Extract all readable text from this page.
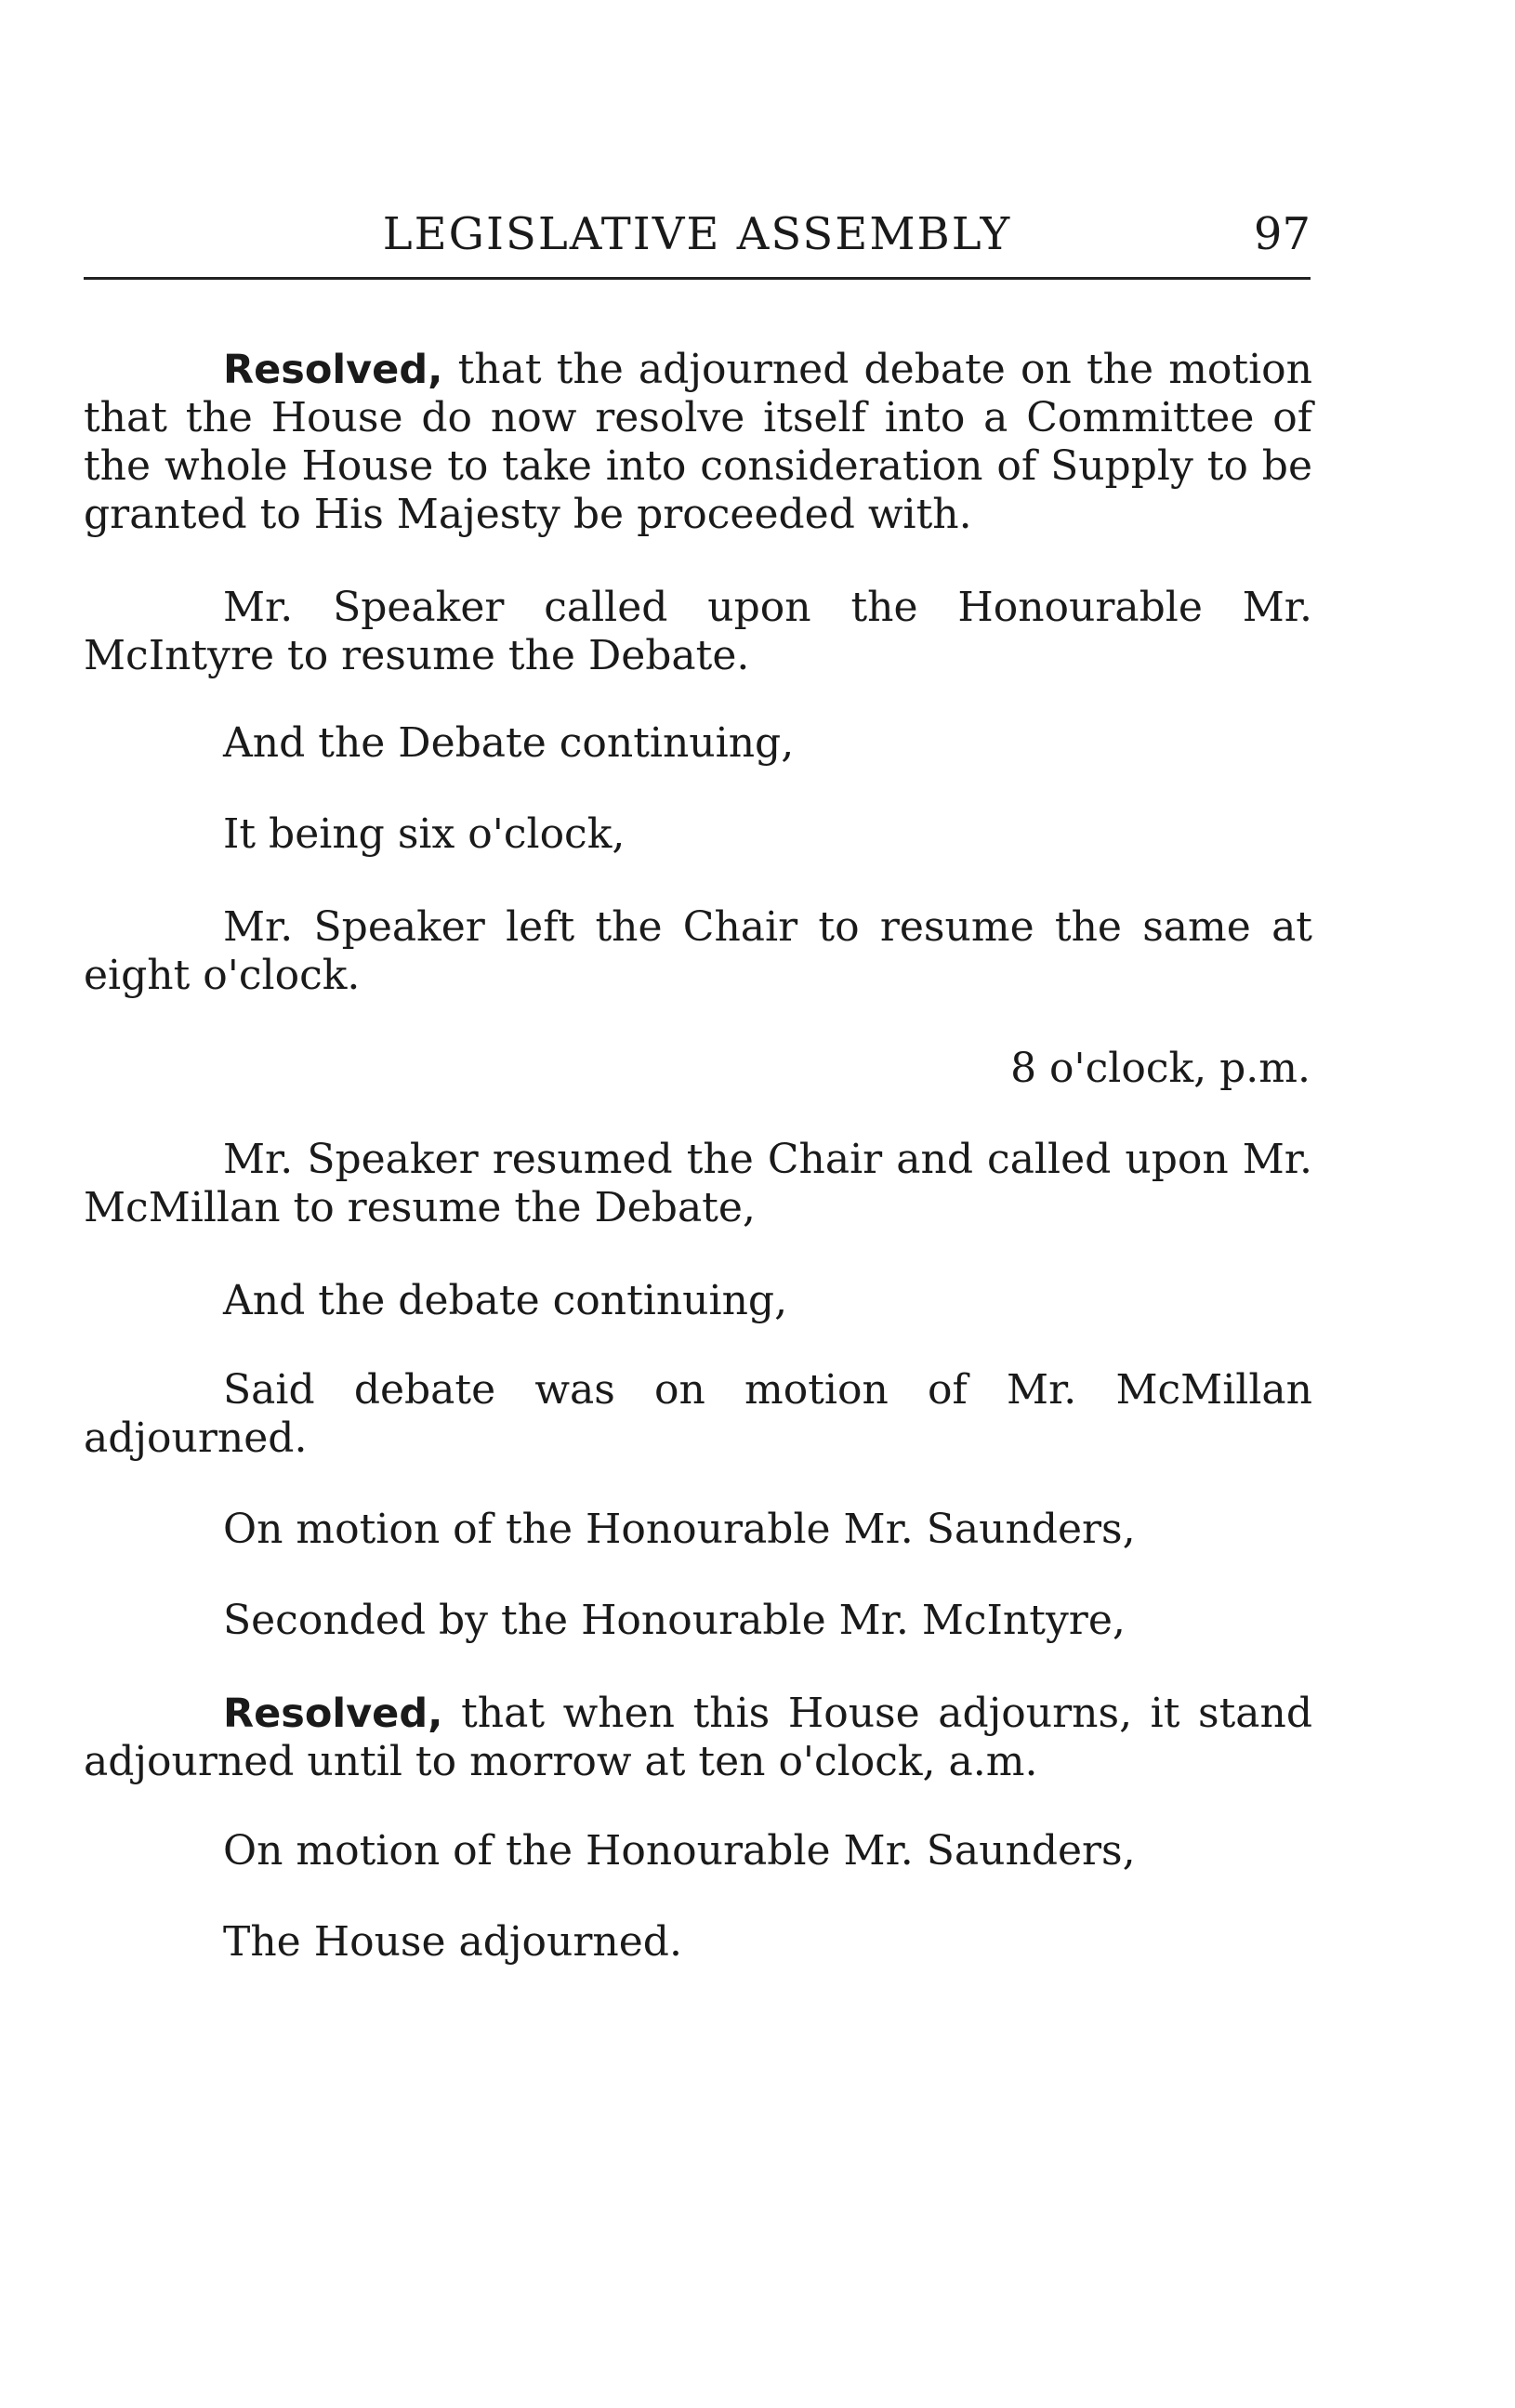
LEGISLATIVE ASSEMBLY	97

Resolved, that the adjourned debate on the motion that the House do now resolve itself into a Committee of the whole House to take into consideration of Supply to be granted to His Majesty be proceeded with.

Mr. Speaker called upon the Honourable Mr. McIntyre to resume the Debate.

And the Debate continuing,

It being six o'clock,

Mr. Speaker left the Chair to resume the same at eight o'clock.

8 o'clock, p.m.

Mr. Speaker resumed the Chair and called upon Mr. McMillan to resume the Debate,

And the debate continuing,

Said debate was on motion of Mr. McMillan adjourned.

On motion of the Honourable Mr. Saunders,

Seconded by the Honourable Mr. McIntyre,

Resolved, that when this House adjourns, it stand adjourned until to morrow at ten o'clock, a.m.

On motion of the Honourable Mr. Saunders,

The House adjourned.
